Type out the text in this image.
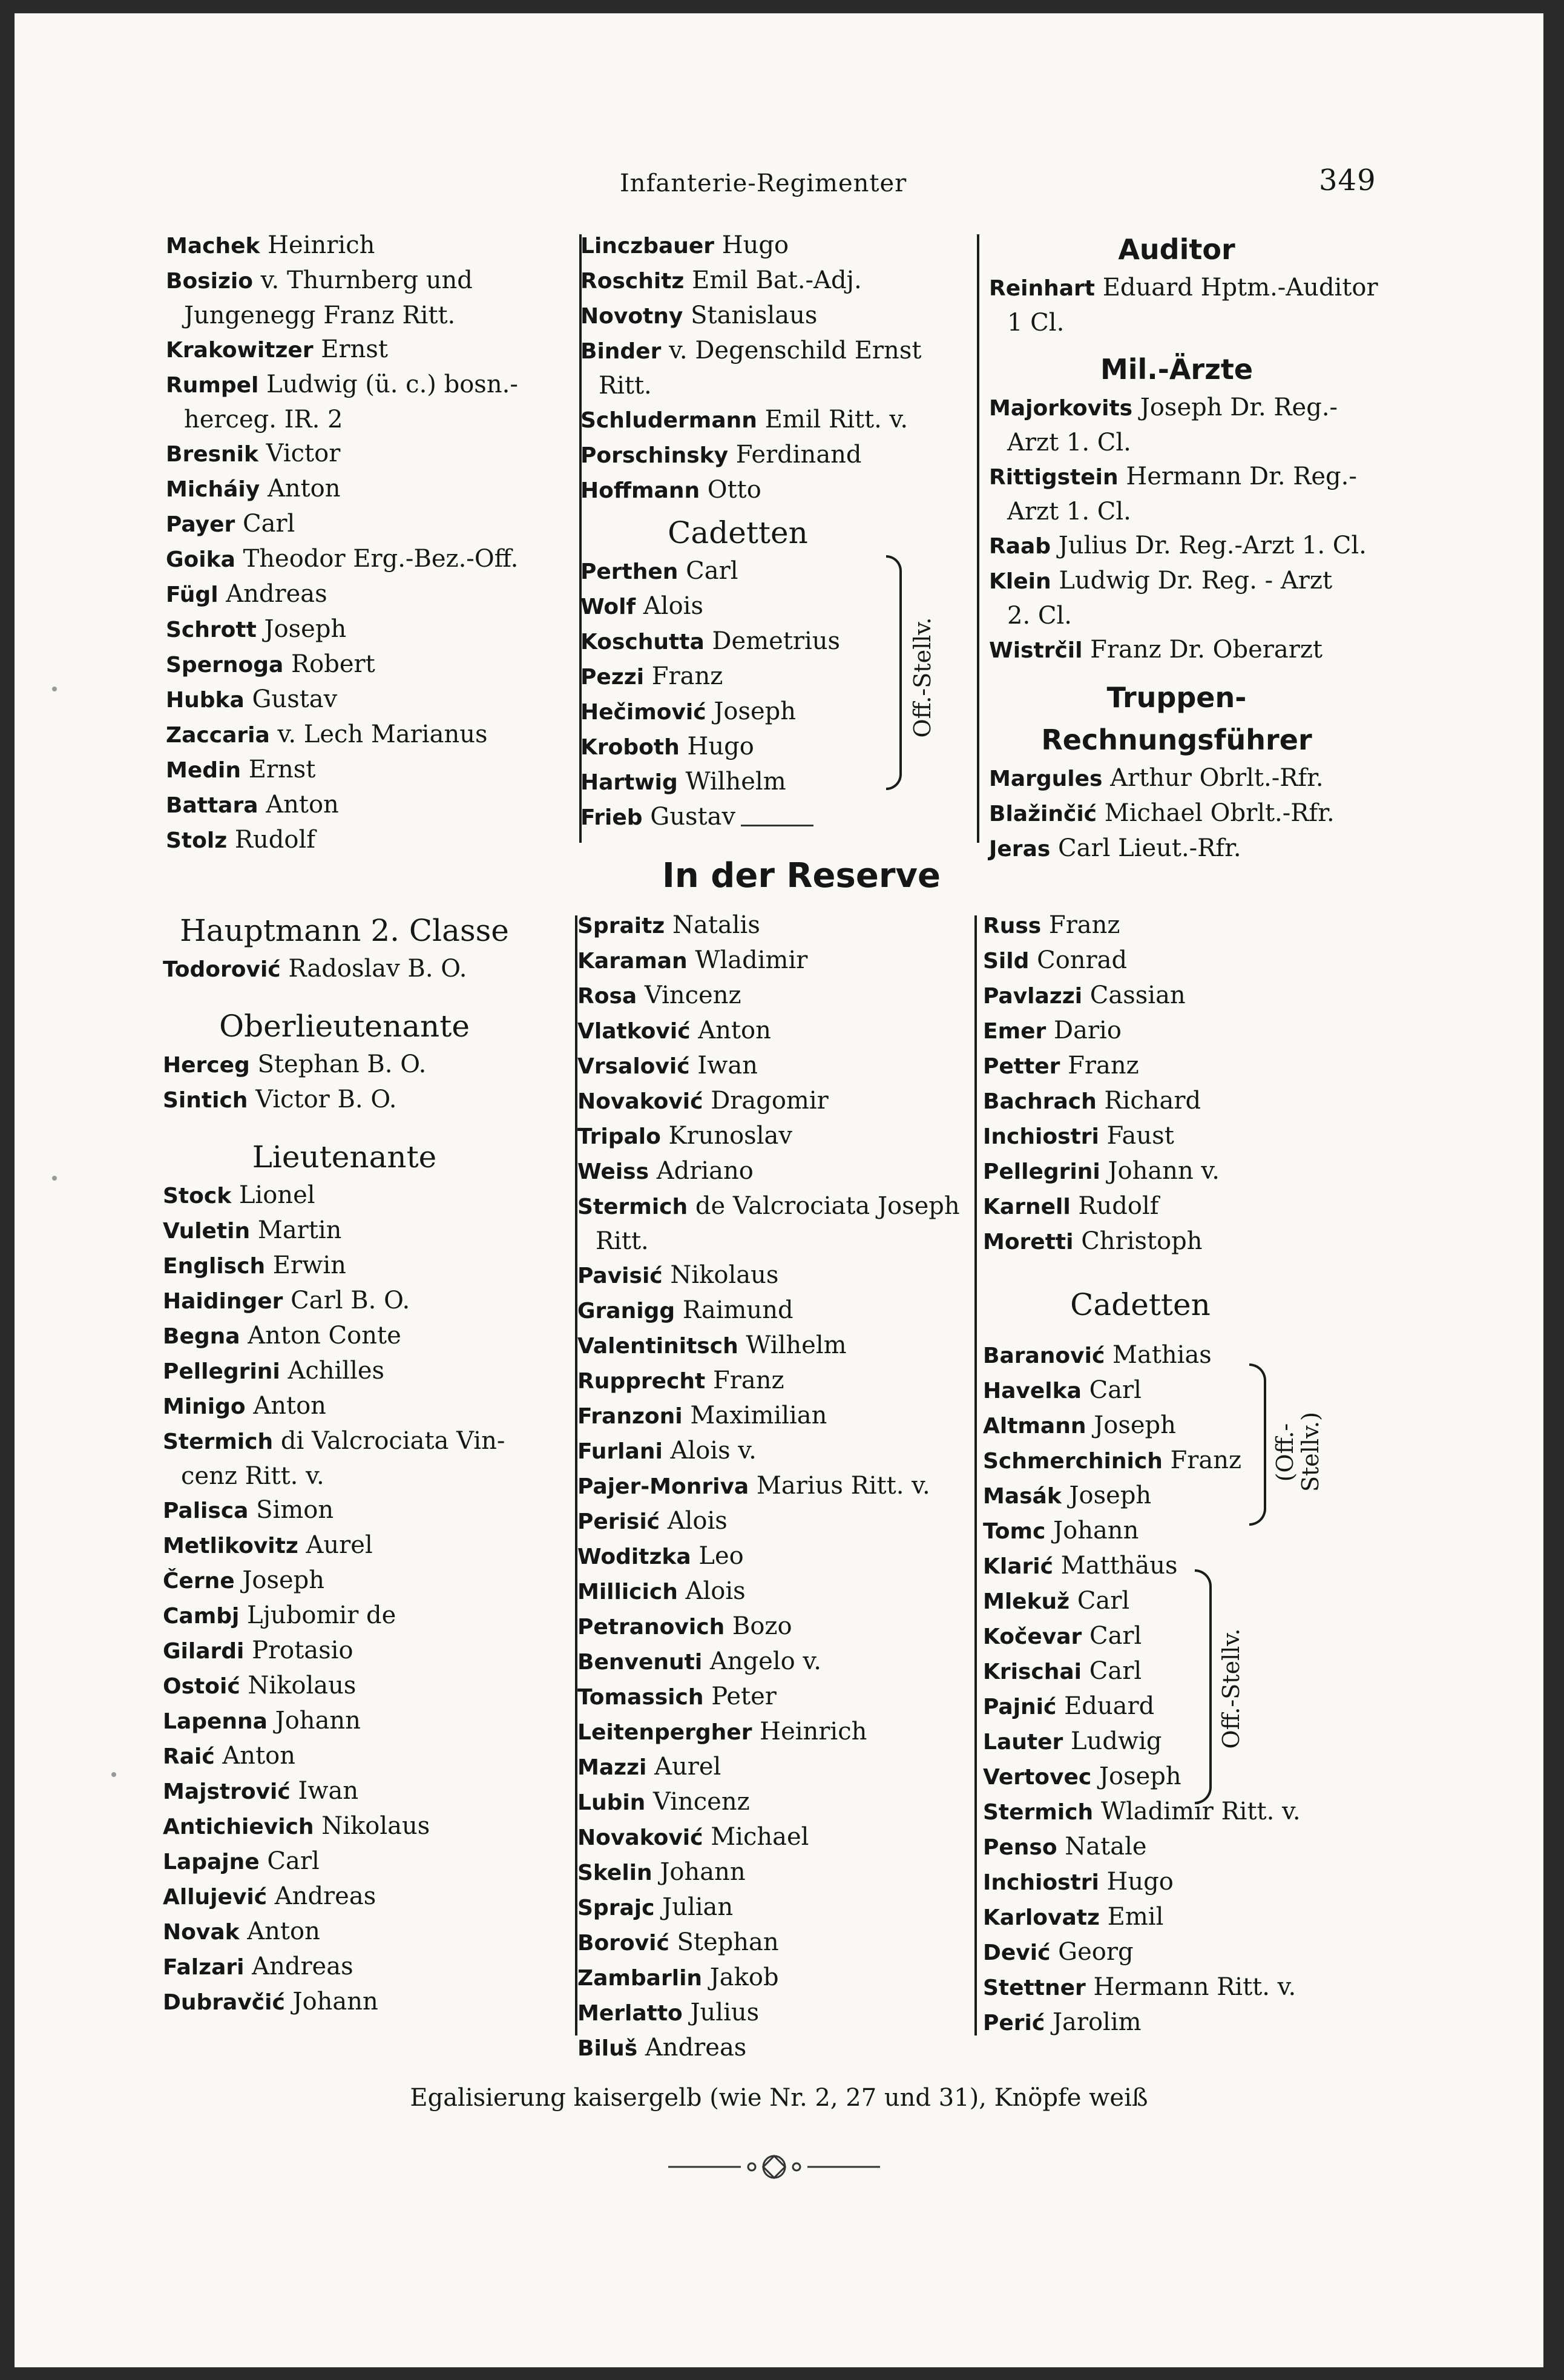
Infanterie-Regimenter	349
Machek Heinrich
Bosizio v. Thurnberg und
Jungenegg Franz Ritt.
Krakowitzer Ernst
Rumpel Ludwig (ü. c.) bosn.-
herceg. IR. 2
Bresnik Victor
Micháiy Anton
Payer Carl
Goika Theodor Erg.-Bez.-Off.
Fügl Andreas
Schrott Joseph
Spernoga Robert
Hubka Gustav
Zaccaria v. Lech Marianus
Medin Ernst
Battara Anton
Stolz Rudolf
Linczbauer Hugo
Roschitz Emil Bat.-Adj.
Novotny Stanislaus
Binder v. Degenschild Ernst
Ritt.
Schludermann Emil Ritt. v.
Porschinsky Ferdinand
Hoffmann Otto
Cadetten
Perthen Carl
Wolf Alois
Koschutta Demetrius
Pezzi Franz
Hečimović Joseph
Kroboth Hugo
Hartwig Wilhelm
Frieb Gustav
Off.-Stellv.
Auditor
Reinhart Eduard Hptm.-Auditor
1 Cl.
Mil.-Ärzte
Majorkovits Joseph Dr. Reg.-
Arzt 1. Cl.
Rittigstein Hermann Dr. Reg.-
Arzt 1. Cl.
Raab Julius Dr. Reg.-Arzt 1. Cl.
Klein Ludwig Dr. Reg. - Arzt
2. Cl.
Wistrčil Franz Dr. Oberarzt
Truppen-Rechnungsführer
Margules Arthur Obrlt.-Rfr.
Blažinčić Michael Obrlt.-Rfr.
Jeras Carl Lieut.-Rfr.
In der Reserve
Hauptmann 2. Classe
Todorović Radoslav B. O.
Oberlieutenante
Herceg Stephan B. O.
Sintich Victor B. O.
Lieutenante
Stock Lionel
Vuletin Martin
Englisch Erwin
Haidinger Carl B. O.
Begna Anton Conte
Pellegrini Achilles
Minigo Anton
Stermich di Valcrociata Vin-
cenz Ritt. v.
Palisca Simon
Metlikovitz Aurel
Černe Joseph
Cambj Ljubomir de
Gilardi Protasio
Ostoić Nikolaus
Lapenna Johann
Raić Anton
Majstrović Iwan
Antichievich Nikolaus
Lapajne Carl
Allujević Andreas
Novak Anton
Falzari Andreas
Dubravčić Johann
Spraitz Natalis
Karaman Wladimir
Rosa Vincenz
Vlatković Anton
Vrsalović Iwan
Novaković Dragomir
Tripalo Krunoslav
Weiss Adriano
Stermich de Valcrociata Joseph
Ritt.
Pavisić Nikolaus
Granigg Raimund
Valentinitsch Wilhelm
Rupprecht Franz
Franzoni Maximilian
Furlani Alois v.
Pajer-Monriva Marius Ritt. v.
Perisić Alois
Woditzka Leo
Millicich Alois
Petranovich Bozo
Benvenuti Angelo v.
Tomassich Peter
Leitenpergher Heinrich
Mazzi Aurel
Lubin Vincenz
Novaković Michael
Skelin Johann
Sprajc Julian
Borović Stephan
Zambarlin Jakob
Merlatto Julius
Biluš Andreas
Russ Franz
Sild Conrad
Pavlazzi Cassian
Emer Dario
Petter Franz
Bachrach Richard
Inchiostri Faust
Pellegrini Johann v.
Karnell Rudolf
Moretti Christoph
Cadetten
Baranović Mathias
Havelka Carl
Altmann Joseph
Schmerchinich Franz
Masák Joseph
Tomc Johann
Klarić Matthäus
Mlekuž Carl
Kočevar Carl
Krischai Carl
Pajnić Eduard
Lauter Ludwig
Vertovec Joseph
Stermich Wladimir Ritt. v.
Penso Natale
Inchiostri Hugo
Karlovatz Emil
Dević Georg
Stettner Hermann Ritt. v.
Perić Jarolim
(Off.-
Stellv.)
Off.-Stellv.
Egalisierung kaisergelb (wie Nr. 2, 27 und 31), Knöpfe weiß
